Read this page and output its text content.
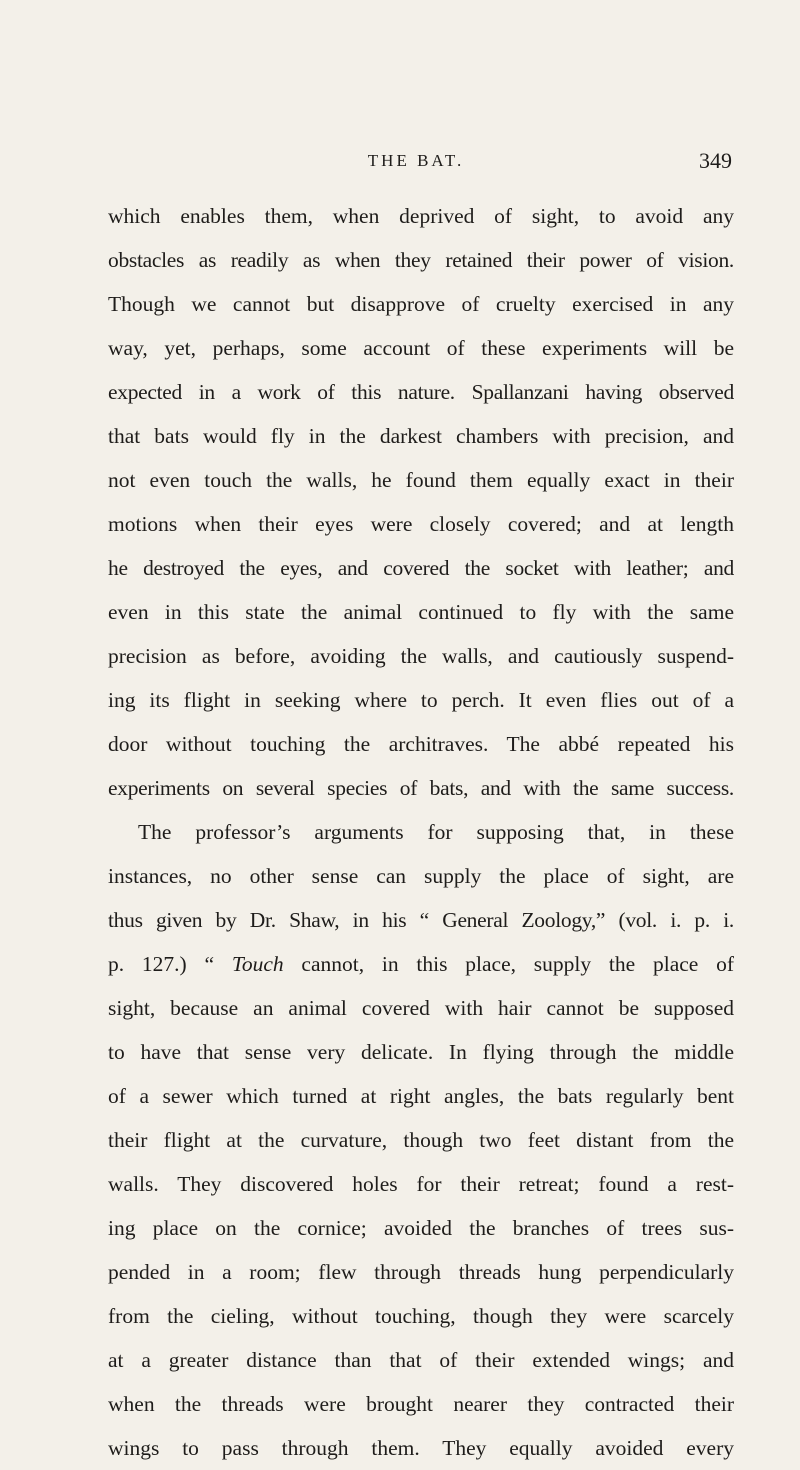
THE BAT.	349
which enables them, when deprived of sight, to avoid any
obstacles as readily as when they retained their power of vision.
Though we cannot but disapprove of cruelty exercised in any
way, yet, perhaps, some account of these experiments will be
expected in a work of this nature. Spallanzani having observed
that bats would fly in the darkest chambers with precision, and
not even touch the walls, he found them equally exact in their
motions when their eyes were closely covered; and at length
he destroyed the eyes, and covered the socket with leather; and
even in this state the animal continued to fly with the same
precision as before, avoiding the walls, and cautiously suspend-
ing its flight in seeking where to perch. It even flies out of a
door without touching the architraves. The abbé repeated his
experiments on several species of bats, and with the same success.
The professor’s arguments for supposing that, in these
instances, no other sense can supply the place of sight, are
thus given by Dr. Shaw, in his “ General Zoology,” (vol. i. p. i.
p. 127.) “ Touch cannot, in this place, supply the place of
sight, because an animal covered with hair cannot be supposed
to have that sense very delicate. In flying through the middle
of a sewer which turned at right angles, the bats regularly bent
their flight at the curvature, though two feet distant from the
walls. They discovered holes for their retreat; found a rest-
ing place on the cornice; avoided the branches of trees sus-
pended in a room; flew through threads hung perpendicularly
from the cieling, without touching, though they were scarcely
at a greater distance than that of their extended wings; and
when the threads were brought nearer they contracted their
wings to pass through them. They equally avoided every
